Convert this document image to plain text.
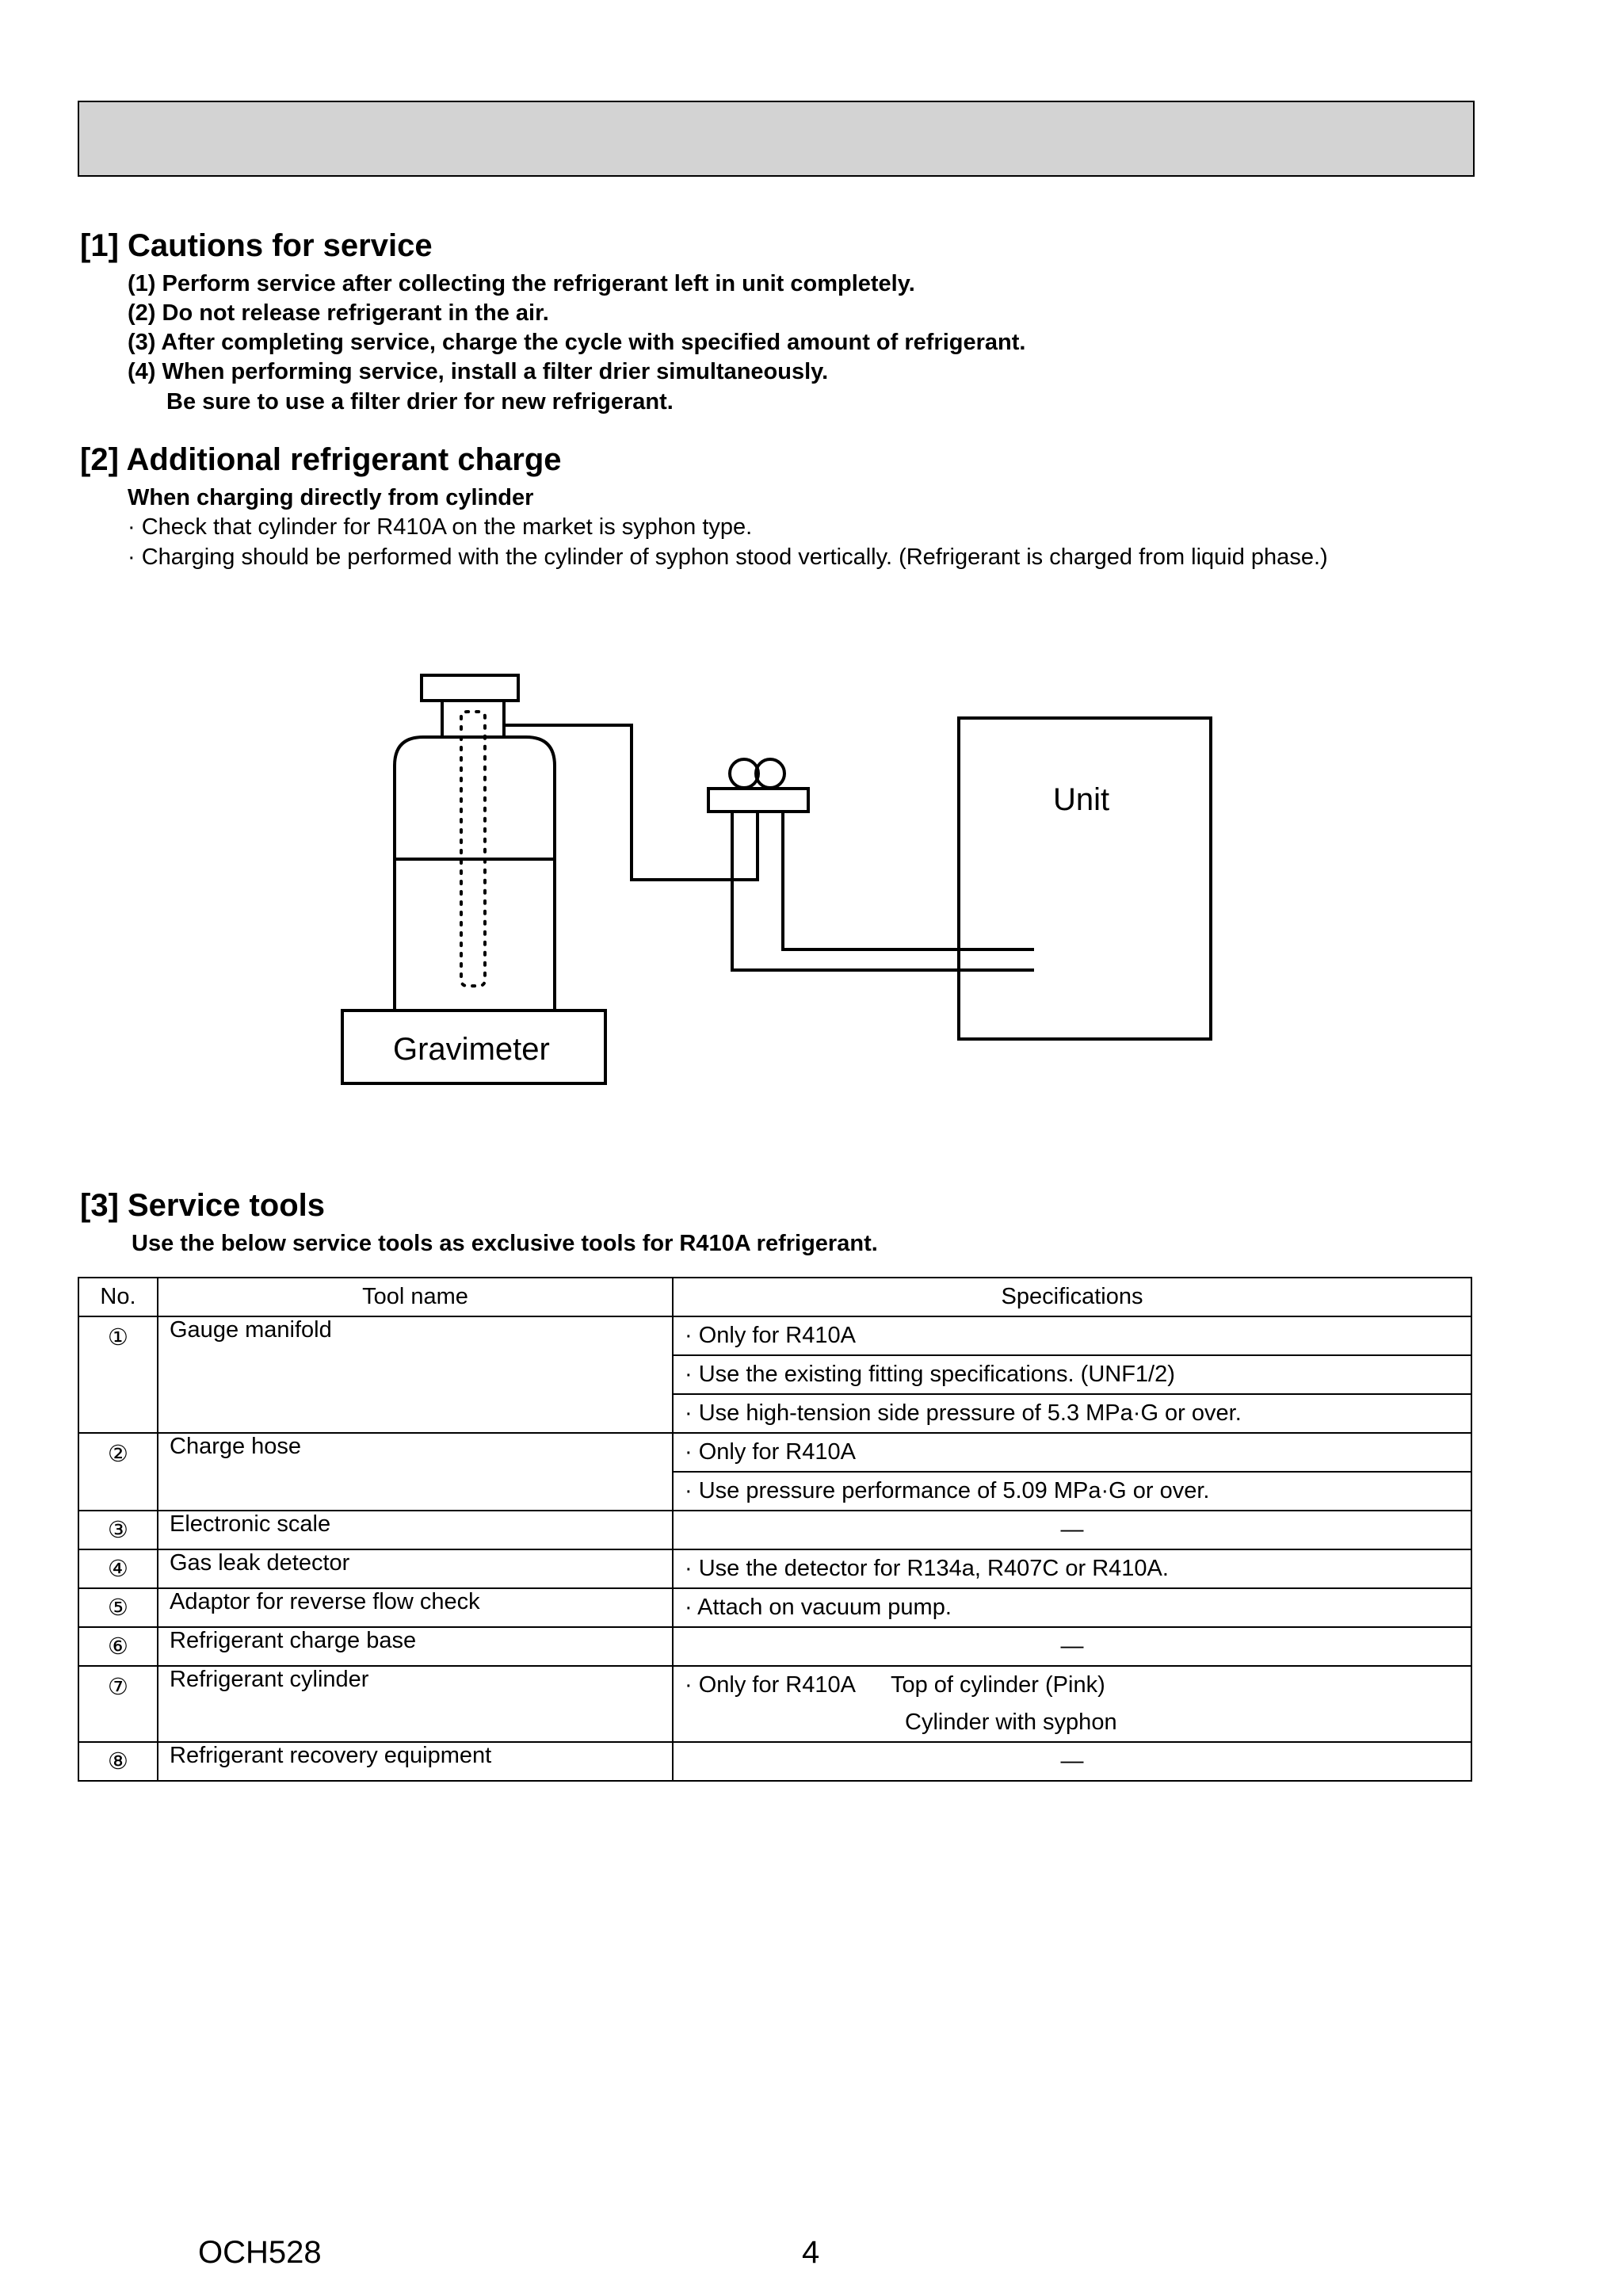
[1] Cautions for service
(1) Perform service after collecting the refrigerant left in unit completely.
(2) Do not release refrigerant in the air.
(3) After completing service, charge the cycle with specified amount of refrigerant.
(4) When performing service, install a filter drier simultaneously.
Be sure to use a filter drier for new refrigerant.
[2] Additional refrigerant charge
When charging directly from cylinder
· Check that cylinder for R410A on the market is syphon type.
· Charging should be performed with the cylinder of syphon stood vertically. (Refrigerant is charged from liquid phase.)
Unit
Gravimeter
[3] Service tools
Use the below service tools as exclusive tools for R410A refrigerant.
No.	Tool name	Specifications
①	Gauge manifold	· Only for R410A
		· Use the existing fitting specifications. (UNF1/2)
		· Use high-tension side pressure of 5.3 MPa·G or over.
②	Charge hose	· Only for R410A
		· Use pressure performance of 5.09 MPa·G or over.
③	Electronic scale	—
④	Gas leak detector	· Use the detector for R134a, R407C or R410A.
⑤	Adaptor for reverse flow check	· Attach on vacuum pump.
⑥	Refrigerant charge base	—
⑦	Refrigerant cylinder	· Only for R410A Top of cylinder (Pink)
		Cylinder with syphon
⑧	Refrigerant recovery equipment	—
OCH528	4
